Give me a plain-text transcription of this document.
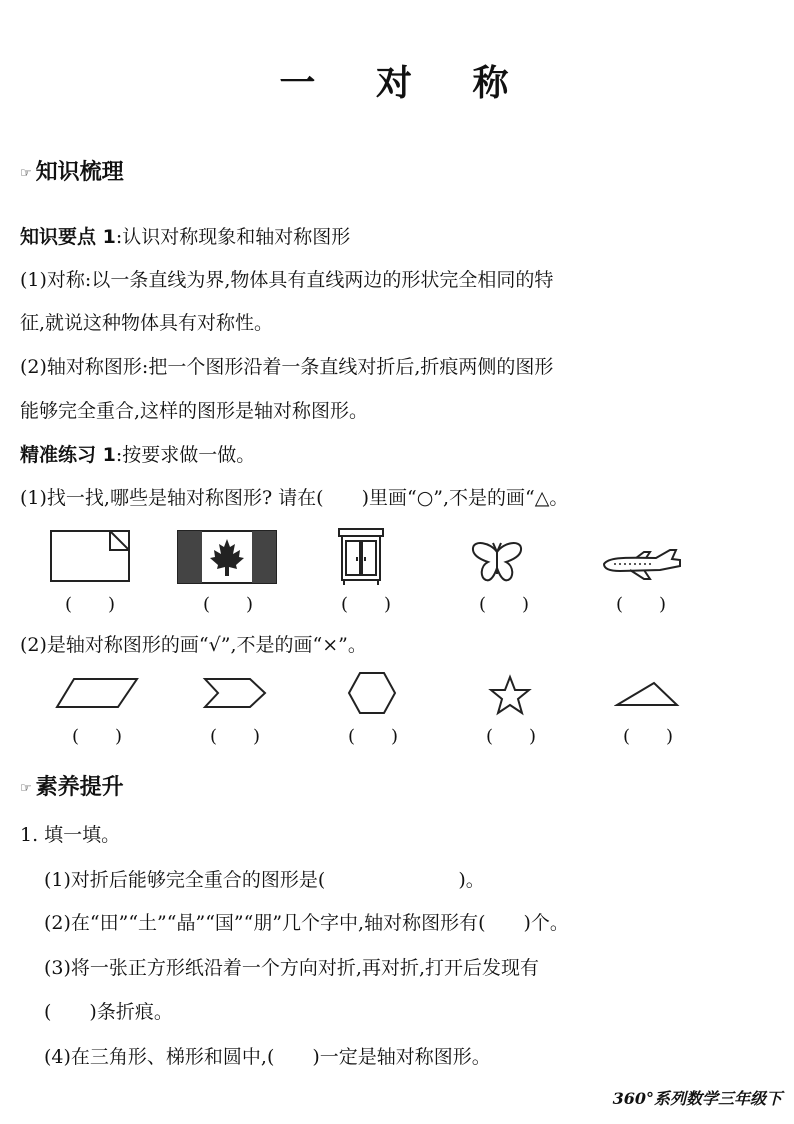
一 对 称
☞ 知识梳理
知识要点 1:认识对称现象和轴对称图形
(1)对称:以一条直线为界,物体具有直线两边的形状完全相同的特
征,就说这种物体具有对称性。
(2)轴对称图形:把一个图形沿着一条直线对折后,折痕两侧的图形
能够完全重合,这样的图形是轴对称图形。
精准练习 1:按要求做一做。
(1)找一找,哪些是轴对称图形? 请在(　　)里画“○”,不是的画“△。
(　　)	(　　)	(　　)	(　　)	(　　)
(2)是轴对称图形的画“√”,不是的画“×”。
(　　)	(　　)	(　　)	(　　)	(　　)
☞ 素养提升
1. 填一填。
(1)对折后能够完全重合的图形是(　　　　　　　)。
(2)在“田”“土”“晶”“国”“朋”几个字中,轴对称图形有(　　)个。
(3)将一张正方形纸沿着一个方向对折,再对折,打开后发现有
(　　)条折痕。
(4)在三角形、梯形和圆中,(　　)一定是轴对称图形。
360°系列数学三年级下
